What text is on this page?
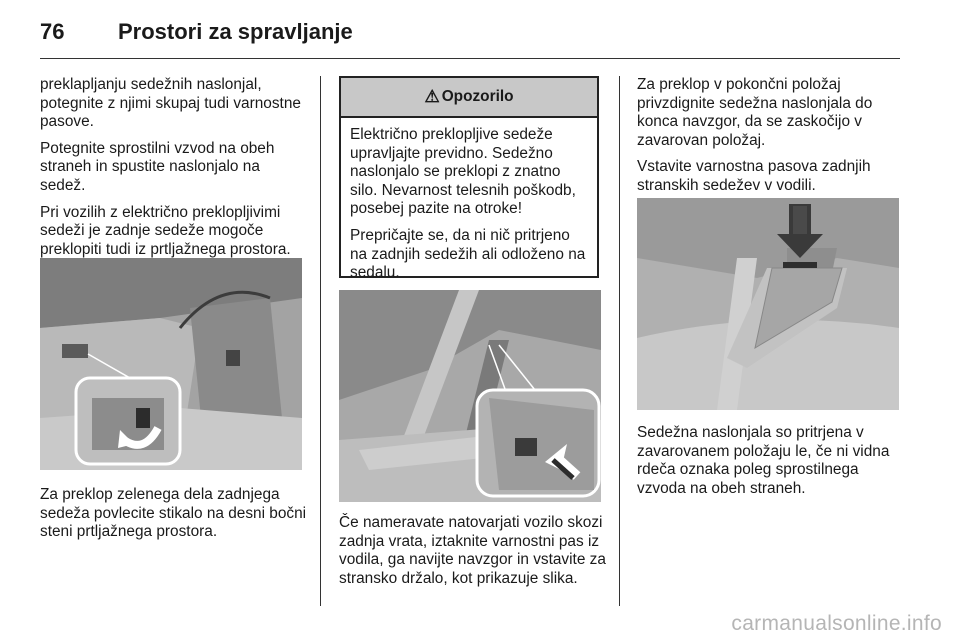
76	Prostori za spravljanje

preklapljanju sedežnih naslonjal, potegnite z njimi skupaj tudi varnostne pasove.

Potegnite sprostilni vzvod na obeh straneh in spustite naslonjalo na sedež.

Pri vozilih z električno preklopljivimi sedeži je zadnje sedeže mogoče preklopiti tudi iz prtljažnega prostora.

Za preklop zelenega dela zadnjega sedeža povlecite stikalo na desni bočni steni prtljažnega prostora.

⚠ Opozorilo

Električno preklopljive sedeže upravljajte previdno. Sedežno naslonjalo se preklopi z znatno silo. Nevarnost telesnih poškodb, posebej pazite na otroke!

Prepričajte se, da ni nič pritrjeno na zadnjih sedežih ali odloženo na sedalu.

Če nameravate natovarjati vozilo skozi zadnja vrata, iztaknite varnostni pas iz vodila, ga navijte navzgor in vstavite za stransko držalo, kot prikazuje slika.

Za preklop v pokončni položaj privzdignite sedežna naslonjala do konca navzgor, da se zaskočijo v zavarovan položaj.

Vstavite varnostna pasova zadnjih stranskih sedežev v vodili.

Sedežna naslonjala so pritrjena v zavarovanem položaju le, če ni vidna rdeča oznaka poleg sprostilnega vzvoda na obeh straneh.

carmanualsonline.info
